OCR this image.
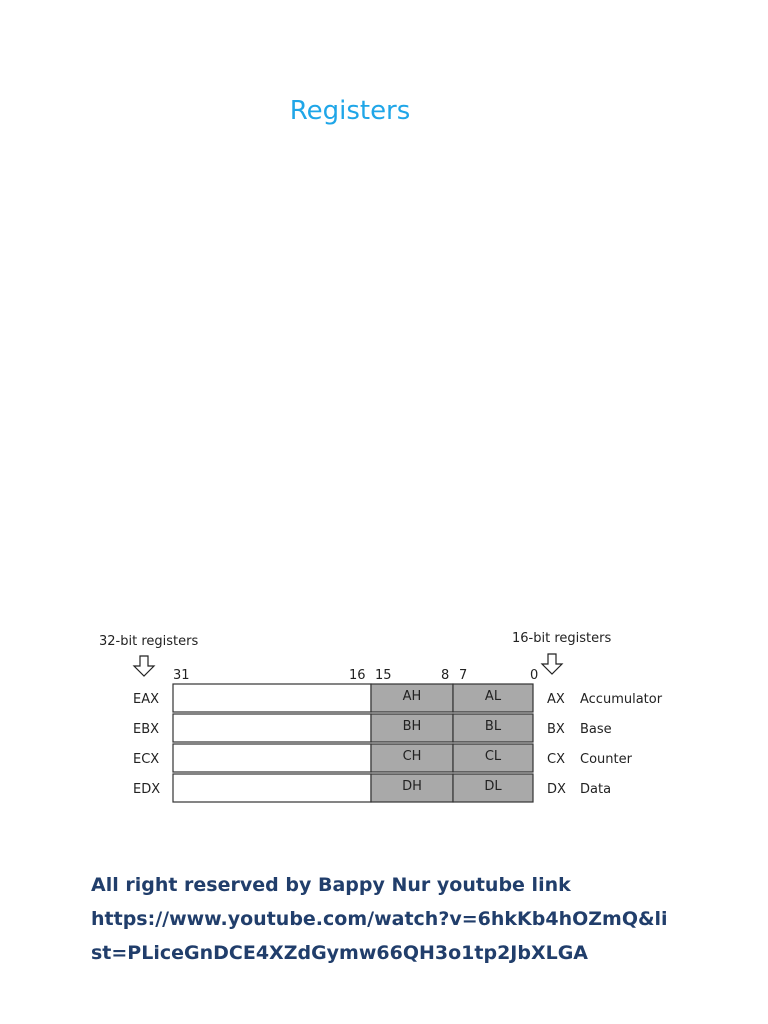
Registers
32-bit registers	16-bit registers
31	16 15	8 7	0
EAX	AH	AL	AX Accumulator
EBX	BH	BL	BX Base
ECX	CH	CL	CX Counter
EDX	DH	DL	DX Data
All right reserved by Bappy Nur youtube link
https://www.youtube.com/watch?v=6hkKb4hOZmQ&li
st=PLiceGnDCE4XZdGymw66QH3o1tp2JbXLGA
